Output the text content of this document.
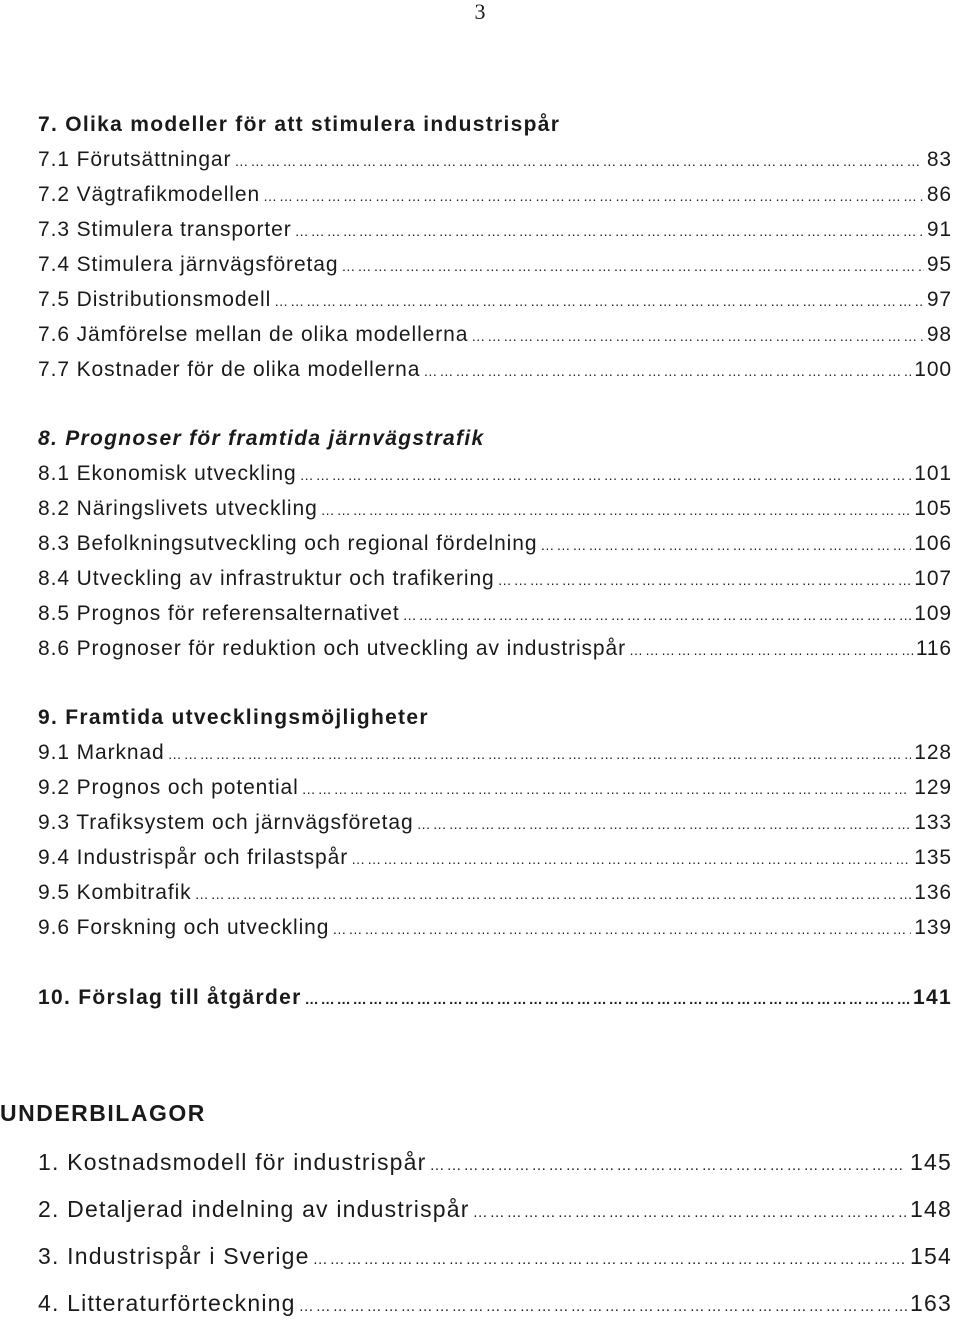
3
7. Olika modeller för att stimulera industrispår
7.1 Förutsättningar ……………………………………………………………………………………………………………………………………………………………………………………………	83
7.2 Vägtrafikmodellen ……………………………………………………………………………………………………………………………………………………………………………………………	86
7.3 Stimulera transporter ……………………………………………………………………………………………………………………………………………………………………………………………	91
7.4 Stimulera järnvägsföretag ……………………………………………………………………………………………………………………………………………………………………………………………	95
7.5 Distributionsmodell ……………………………………………………………………………………………………………………………………………………………………………………………	97
7.6 Jämförelse mellan de olika modellerna ……………………………………………………………………………………………………………………………………………………………………………………………	98
7.7 Kostnader för de olika modellerna ……………………………………………………………………………………………………………………………………………………………………………………………	100
8. Prognoser för framtida järnvägstrafik
8.1 Ekonomisk utveckling ……………………………………………………………………………………………………………………………………………………………………………………………	101
8.2 Näringslivets utveckling ……………………………………………………………………………………………………………………………………………………………………………………………	105
8.3 Befolkningsutveckling och regional fördelning ……………………………………………………………………………………………………………………………………………………………………………………………	106
8.4 Utveckling av infrastruktur och trafikering ……………………………………………………………………………………………………………………………………………………………………………………………	107
8.5 Prognos för referensalternativet ……………………………………………………………………………………………………………………………………………………………………………………………	109
8.6 Prognoser för reduktion och utveckling av industrispår ……………………………………………………………………………………………………………………………………………………………………………………………	116
9. Framtida utvecklingsmöjligheter
9.1 Marknad ……………………………………………………………………………………………………………………………………………………………………………………………	128
9.2 Prognos och potential ……………………………………………………………………………………………………………………………………………………………………………………………	129
9.3 Trafiksystem och järnvägsföretag ……………………………………………………………………………………………………………………………………………………………………………………………	133
9.4 Industrispår och frilastspår ……………………………………………………………………………………………………………………………………………………………………………………………	135
9.5 Kombitrafik ……………………………………………………………………………………………………………………………………………………………………………………………	136
9.6 Forskning och utveckling ……………………………………………………………………………………………………………………………………………………………………………………………	139
10. Förslag till åtgärder ……………………………………………………………………………………………………………………………………………………………………………………………	141
UNDERBILAGOR
1. Kostnadsmodell för industrispår ……………………………………………………………………………………………………………………………………………………………………………………………	145
2. Detaljerad indelning av industrispår ……………………………………………………………………………………………………………………………………………………………………………………………	148
3. Industrispår i Sverige ……………………………………………………………………………………………………………………………………………………………………………………………	154
4. Litteraturförteckning ……………………………………………………………………………………………………………………………………………………………………………………………	163
